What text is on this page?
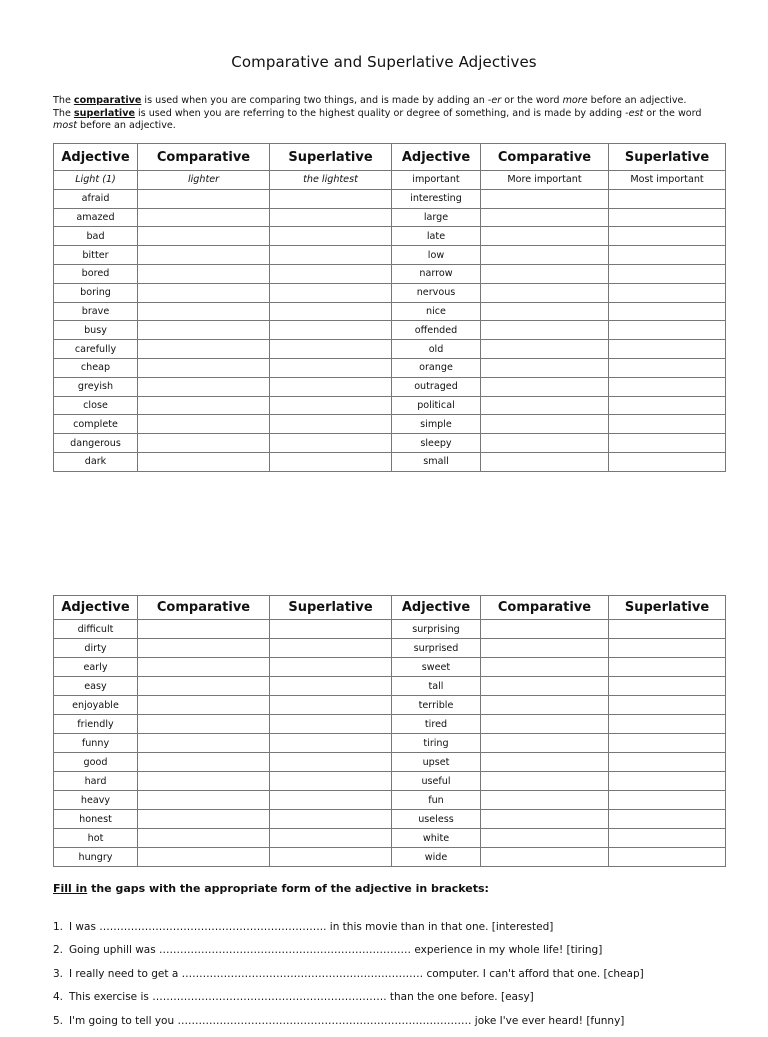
Comparative and Superlative Adjectives
The comparative is used when you are comparing two things, and is made by adding an -er or the word more before an adjective.
The superlative is used when you are referring to the highest quality or degree of something, and is made by adding -est or the word
most before an adjective.
Adjective	Comparative	Superlative	Adjective	Comparative	Superlative
Light (1)	lighter	the lightest	important	More important	Most important
afraid			interesting		
amazed			large		
bad			late		
bitter			low		
bored			narrow		
boring			nervous		
brave			nice		
busy			offended		
carefully			old		
cheap			orange		
greyish			outraged		
close			political		
complete			simple		
dangerous			sleepy		
dark			small		
Adjective	Comparative	Superlative	Adjective	Comparative	Superlative
difficult			surprising		
dirty			surprised		
early			sweet		
easy			tall		
enjoyable			terrible		
friendly			tired		
funny			tiring		
good			upset		
hard			useful		
heavy			fun		
honest			useless		
hot			white		
hungry			wide		
Fill in the gaps with the appropriate form of the adjective in brackets:
1. I was ……………………………………………………….. in this movie than in that one. [interested]
2. Going uphill was ……………………………………………………………… experience in my whole life! [tiring]
3. I really need to get a …………………………………………………………… computer. I can't afford that one. [cheap]
4. This exercise is …………………………………………………………. than the one before. [easy]
5. I'm going to tell you ………………………………………………………………………… joke I've ever heard! [funny]
